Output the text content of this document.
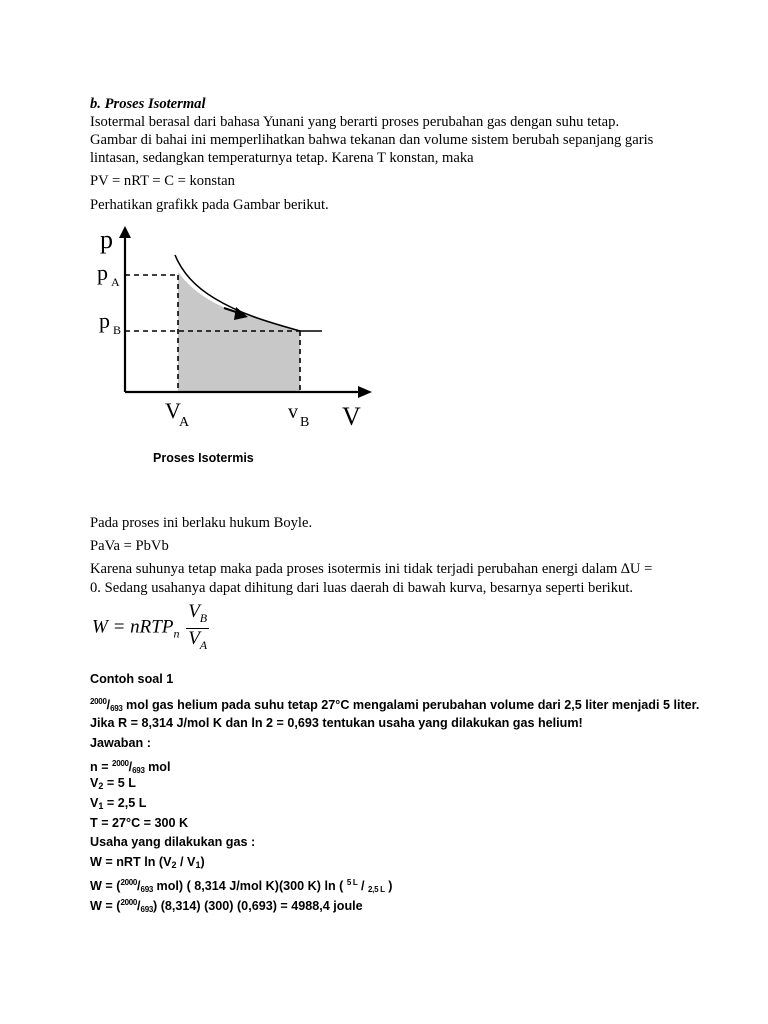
b. Proses Isotermal
Isotermal berasal dari bahasa Yunani yang berarti proses perubahan gas dengan suhu tetap.
Gambar di bahai ini memperlihatkan bahwa tekanan dan volume sistem berubah sepanjang garis
lintasan, sedangkan temperaturnya tetap. Karena T konstan, maka
PV = nRT = C = konstan
Perhatikan grafikk pada Gambar berikut.
p
p A
p B
V
A	v B V
Proses Isotermis
Pada proses ini berlaku hukum Boyle.
PaVa = PbVb
Karena suhunya tetap maka pada proses isotermis ini tidak terjadi perubahan energi dalam ∆U =
0. Sedang usahanya dapat dihitung dari luas daerah di bawah kurva, besarnya seperti berikut.
W = nRTP$_n$ $\frac{V_B}{V_A}$
Contoh soal 1
$^{2000}$/693 mol gas helium pada suhu tetap 27°C mengalami perubahan volume dari 2,5 liter menjadi 5 liter.
Jika R = 8,314 J/mol K dan ln 2 = 0,693 tentukan usaha yang dilakukan gas helium!
Jawaban :
n = $^{2000}$/693 mol
$V_2 = 5$ L
$V_1 = 2,5$ L
T = 27°C = 300 K
Usaha yang dilakukan gas :
W = nRT $\ln (V_2 / V_1)$
W = ($^{2000}$/693 mol) ( 8,314 J/mol K)(300 K) ln ( $^{5 L}$ / 2,5 L )
W = ($^{2000}$/693) (8,314) (300) (0,693) = 4988,4 joule
